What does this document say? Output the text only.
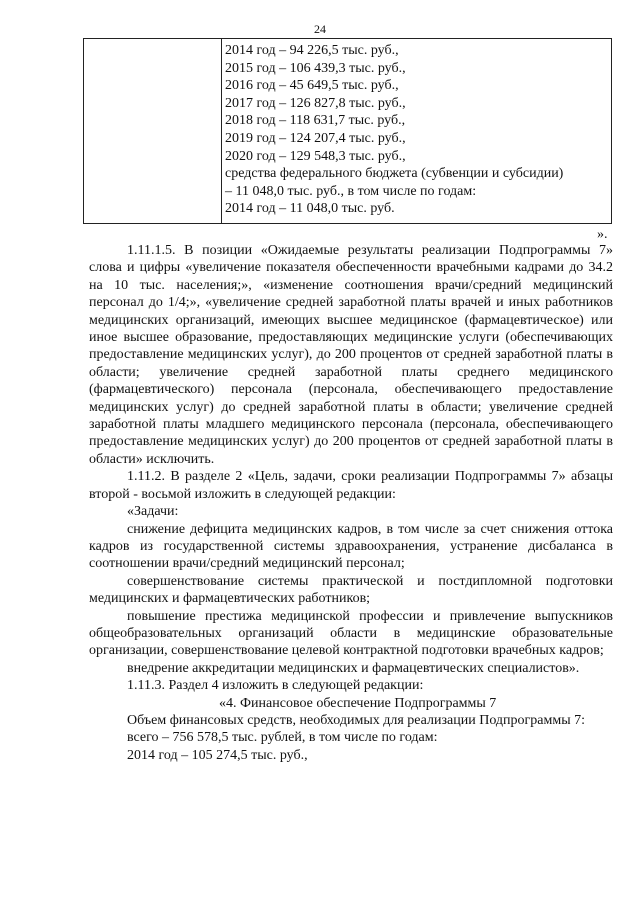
24
2014 год – 94 226,5 тыс. руб.,
2015 год – 106 439,3 тыс. руб.,
2016 год – 45 649,5 тыс. руб.,
2017 год – 126 827,8 тыс. руб.,
2018 год – 118 631,7 тыс. руб.,
2019 год – 124 207,4 тыс. руб.,
2020 год – 129 548,3 тыс. руб.,
средства федерального бюджета (субвенции и субсидии)
– 11 048,0 тыс. руб., в том числе по годам:
2014 год – 11 048,0 тыс. руб.
».

1.11.1.5. В позиции «Ожидаемые результаты реализации Подпрограммы 7» слова и цифры «увеличение показателя обеспеченности врачебными кадрами до 34.2 на 10 тыс. населения;», «изменение соотношения врачи/средний медицинский персонал до 1/4;», «увеличение средней заработной платы врачей и иных работников медицинских организаций, имеющих высшее медицинское (фармацевтическое) или иное высшее образование, предоставляющих медицинские услуги (обеспечивающих предоставление медицинских услуг), до 200 процентов от средней заработной платы в области; увеличение средней заработной платы среднего медицинского (фармацевтического) персонала (персонала, обеспечивающего предоставление медицинских услуг) до средней заработной платы в области; увеличение средней заработной платы младшего медицинского персонала (персонала, обеспечивающего предоставление медицинских услуг) до 200 процентов от средней заработной платы в области» исключить.

1.11.2. В разделе 2 «Цель, задачи, сроки реализации Подпрограммы 7» абзацы второй - восьмой изложить в следующей редакции:

«Задачи:

снижение дефицита медицинских кадров, в том числе за счет снижения оттока кадров из государственной системы здравоохранения, устранение дисбаланса в соотношении врачи/средний медицинский персонал;

совершенствование системы практической и постдипломной подготовки медицинских и фармацевтических работников;

повышение престижа медицинской профессии и привлечение выпускников общеобразовательных организаций области в медицинские образовательные организации, совершенствование целевой контрактной подготовки врачебных кадров;

внедрение аккредитации медицинских и фармацевтических специалистов».

1.11.3. Раздел 4 изложить в следующей редакции:

«4. Финансовое обеспечение Подпрограммы 7

Объем финансовых средств, необходимых для реализации Подпрограммы 7:

всего – 756 578,5 тыс. рублей, в том числе по годам:

2014 год – 105 274,5 тыс. руб.,
